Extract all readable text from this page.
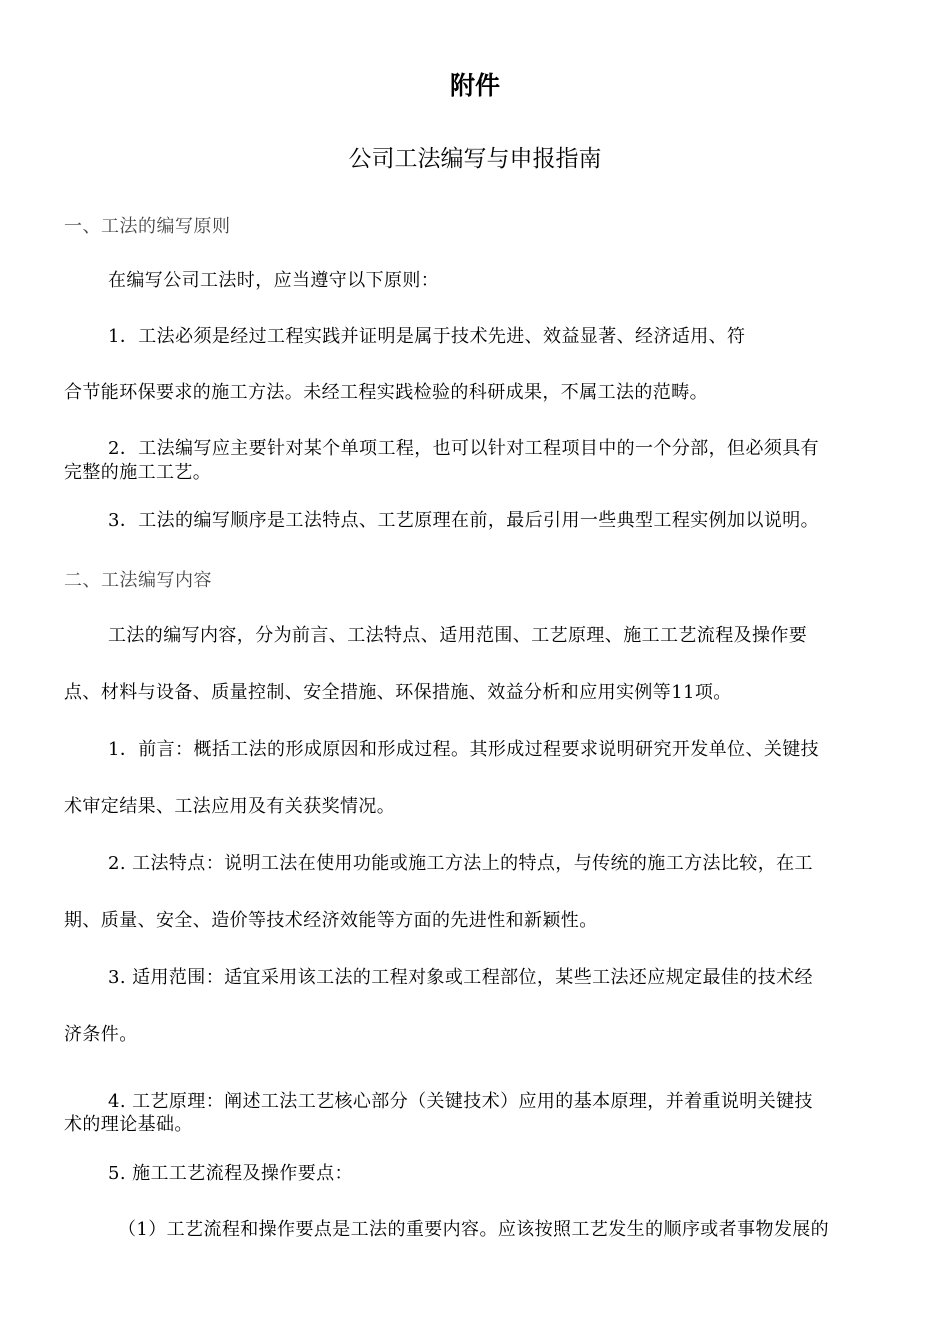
附件
公司工法编写与申报指南
一、工法的编写原则
在编写公司工法时，应当遵守以下原则：
1．工法必须是经过工程实践并证明是属于技术先进、效益显著、经济适用、符
合节能环保要求的施工方法。未经工程实践检验的科研成果，不属工法的范畴。
2．工法编写应主要针对某个单项工程，也可以针对工程项目中的一个分部，但必须具有
完整的施工工艺。
3．工法的编写顺序是工法特点、工艺原理在前，最后引用一些典型工程实例加以说明。
二、工法编写内容
工法的编写内容，分为前言、工法特点、适用范围、工艺原理、施工工艺流程及操作要
点、材料与设备、质量控制、安全措施、环保措施、效益分析和应用实例等11项。
1．前言：概括工法的形成原因和形成过程。其形成过程要求说明研究开发单位、关键技
术审定结果、工法应用及有关获奖情况。
2. 工法特点：说明工法在使用功能或施工方法上的特点，与传统的施工方法比较，在工
期、质量、安全、造价等技术经济效能等方面的先进性和新颖性。
3. 适用范围：适宜采用该工法的工程对象或工程部位，某些工法还应规定最佳的技术经
济条件。
4. 工艺原理：阐述工法工艺核心部分（关键技术）应用的基本原理，并着重说明关键技
术的理论基础。
5. 施工工艺流程及操作要点：
（1）工艺流程和操作要点是工法的重要内容。应该按照工艺发生的顺序或者事物发展的
